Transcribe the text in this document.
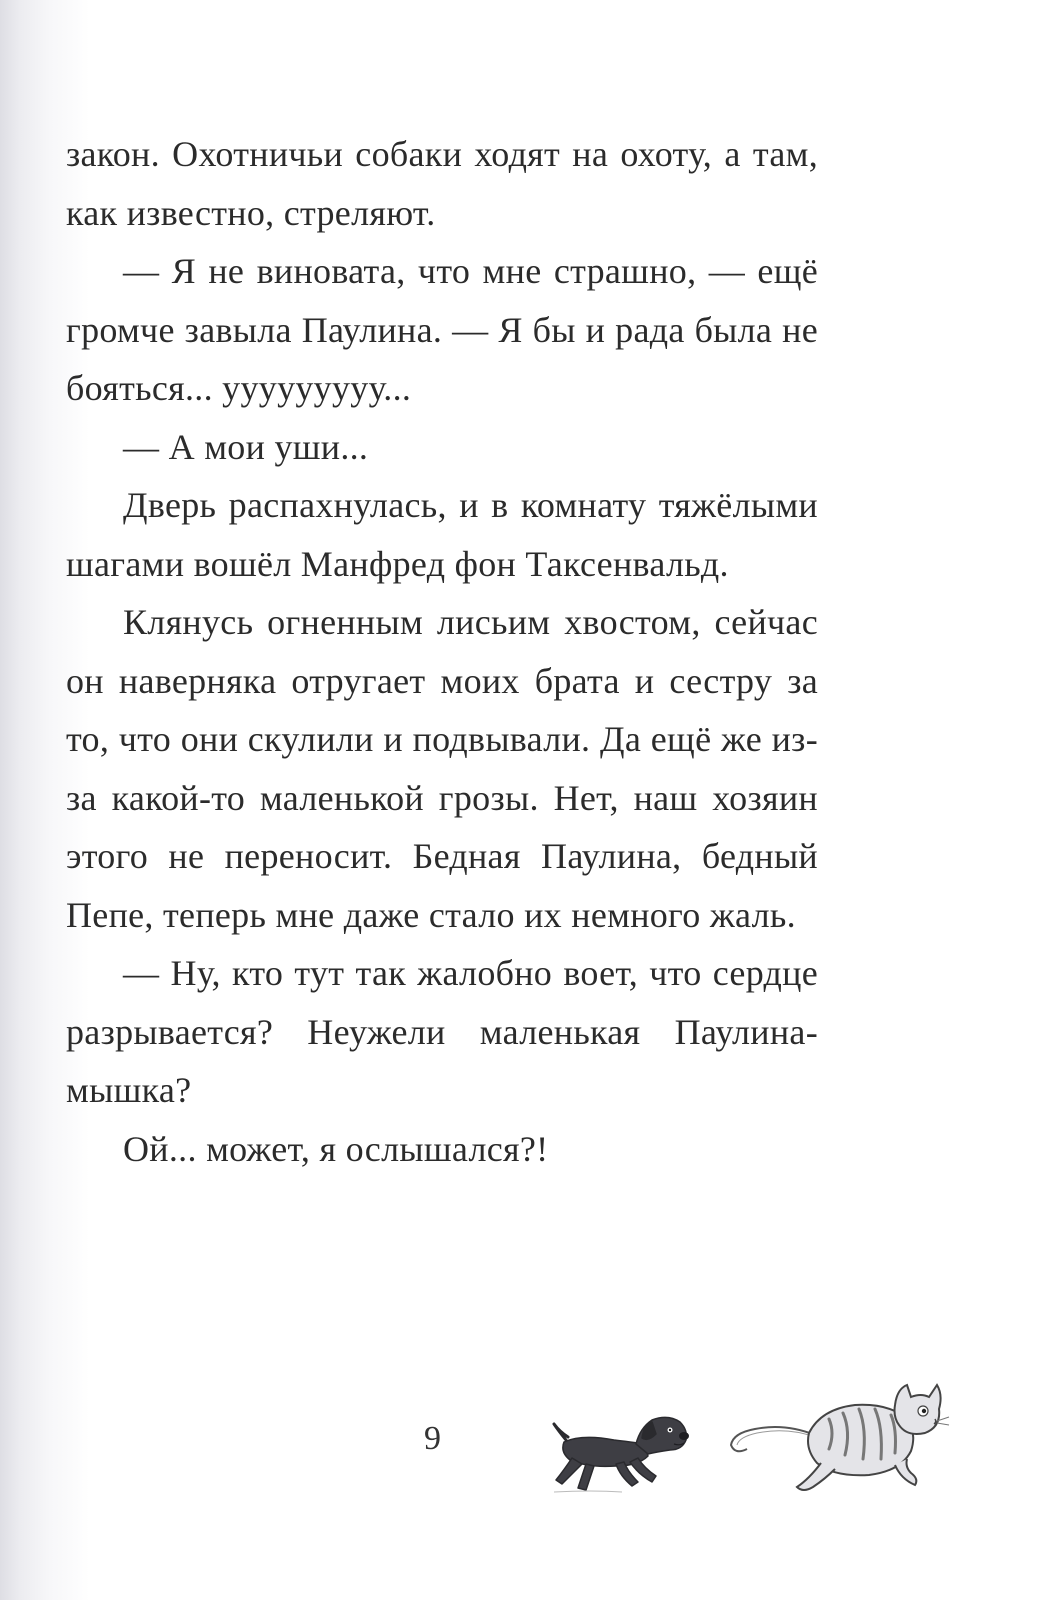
закон. Охотничьи собаки ходят на охоту, а там, как известно, стреляют.

— Я не виновата, что мне страшно, — ещё громче завыла Паулина. — Я бы и рада была не бояться... ууууууууу...

— А мои уши...

Дверь распахнулась, и в комнату тяжёлыми шагами вошёл Манфред фон Таксенвальд.

Клянусь огненным лисьим хвостом, сейчас он наверняка отругает моих брата и сестру за то, что они скулили и подвывали. Да ещё же из-за какой-то маленькой грозы. Нет, наш хозяин этого не переносит. Бедная Паулина, бедный Пепе, теперь мне даже стало их немного жаль.

— Ну, кто тут так жалобно воет, что сердце разрывается? Неужели маленькая Паулина-мышка?

Ой... может, я ослышался?!

9
